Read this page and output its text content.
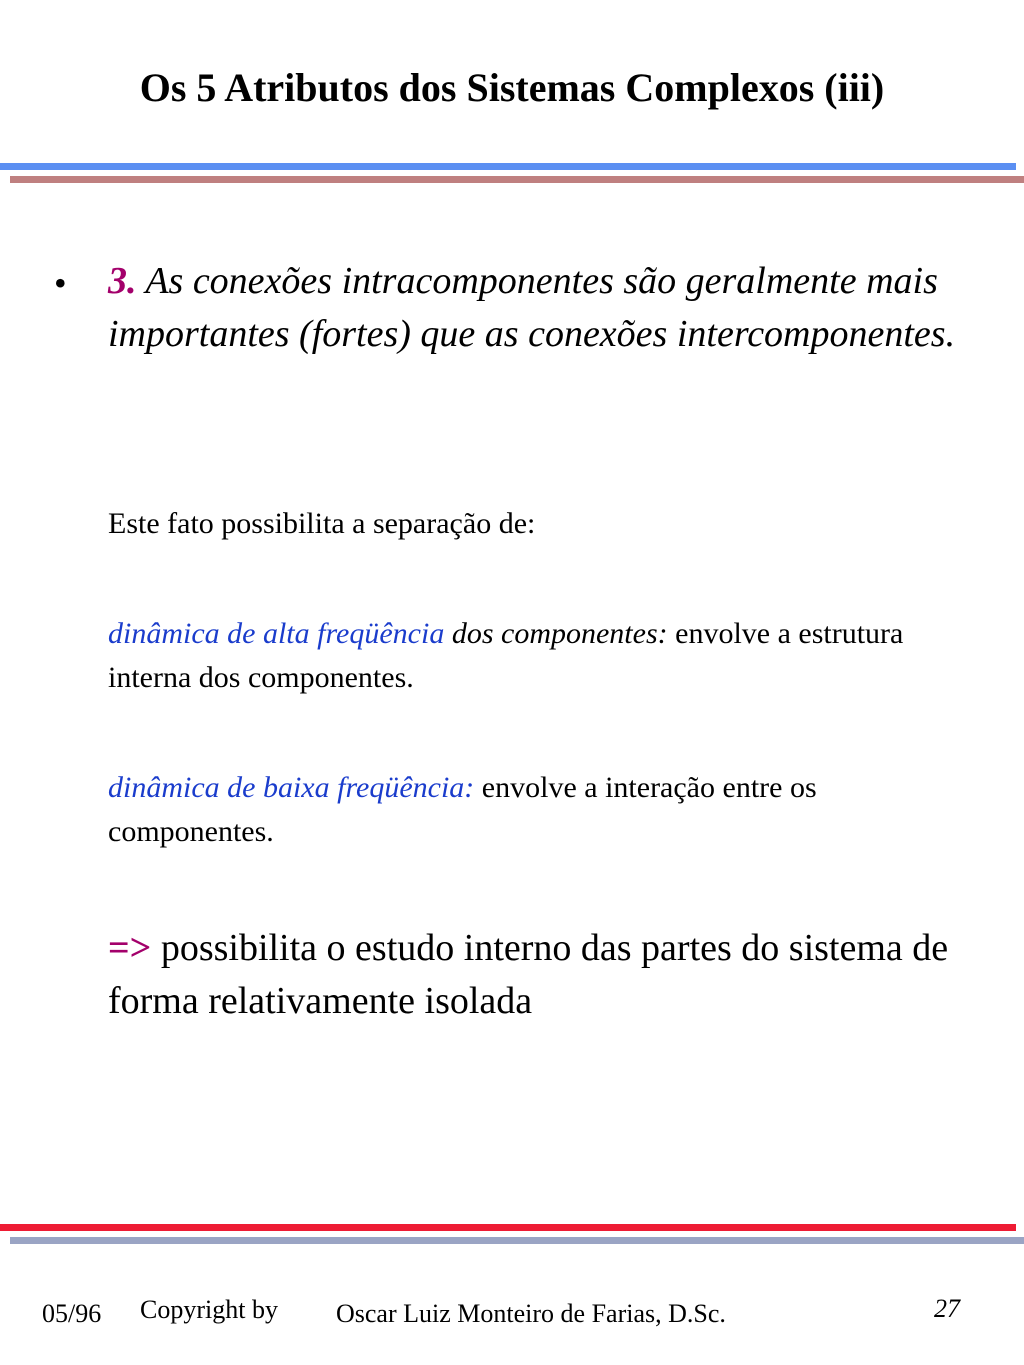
Os 5 Atributos dos Sistemas Complexos (iii)
• 3. As conexões intracomponentes são geralmente mais importantes (fortes) que as conexões intercomponentes.
Este fato possibilita a separação de:
dinâmica de alta freqüência dos componentes: envolve a estrutura interna dos componentes.
dinâmica de baixa freqüência: envolve a interação entre os componentes.
=> possibilita o estudo interno das partes do sistema de forma relativamente isolada
05/96 Copyright by Oscar Luiz Monteiro de Farias, D.Sc.	27
